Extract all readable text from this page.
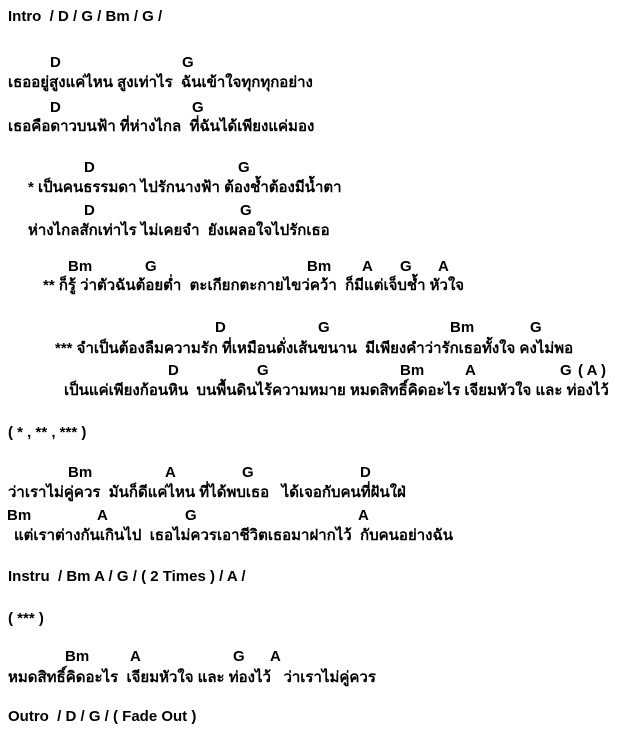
Intro  / D / G / Bm / G /
D	G
เธออยู่สูงแค่ไหน สูงเท่าไร  ฉันเข้าใจทุกทุกอย่าง
D	G
เธอคือดาวบนฟ้า ที่ห่างไกล  ที่ฉันได้เพียงแค่มอง
D	G
* เป็นคนธรรมดา ไปรักนางฟ้า ต้องช้ำต้องมีน้ำตา
D	G
ห่างไกลสักเท่าไร ไม่เคยจำ  ยังเผลอใจไปรักเธอ
Bm	G	Bm A G A
** ก็รู้ ว่าตัวฉันต้อยต่ำ  ตะเกียกตะกายไขว่คว้า  ก็มีแต่เจ็บช้ำ หัวใจ
D	G	Bm	G
*** จำเป็นต้องลืมความรัก ที่เหมือนดั่งเส้นขนาน  มีเพียงคำว่ารักเธอทั้งใจ คงไม่พอ
D	G	Bm	A	G ( A )
เป็นแค่เพียงก้อนหิน  บนพื้นดินไร้ความหมาย หมดสิทธิ์คิดอะไร เจียมหัวใจ และ ท่องไว้
( * , ** , *** )
Bm	A	G	D
ว่าเราไม่คู่ควร  มันก็ดีแค่ไหน ที่ได้พบเธอ   ได้เจอกับคนที่ฝันใฝ่
Bm	A	G	A
แต่เราต่างกันเกินไป  เธอไม่ควรเอาชีวิตเธอมาฝากไว้  กับคนอย่างฉัน
Instru  / Bm A / G / ( 2 Times ) / A /
( *** )
Bm	A	G A
หมดสิทธิ์คิดอะไร  เจียมหัวใจ และ ท่องไว้   ว่าเราไม่คู่ควร
Outro  / D / G / ( Fade Out )
